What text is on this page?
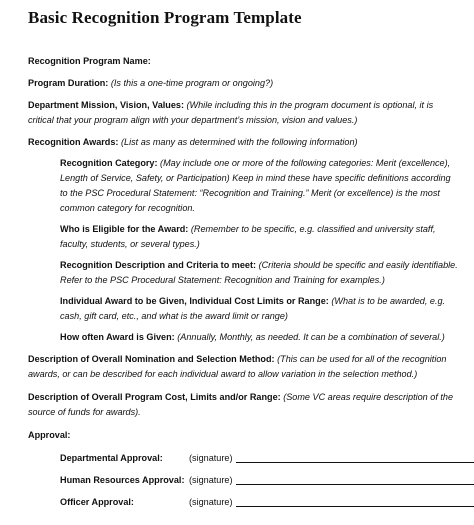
Basic Recognition Program Template
Recognition Program Name:
Program Duration: (Is this a one-time program or ongoing?)
Department Mission, Vision, Values: (While including this in the program document is optional, it is critical that your program align with your department’s mission, vision and values.)
Recognition Awards: (List as many as determined with the following information)
Recognition Category: (May include one or more of the following categories: Merit (excellence), Length of Service, Safety, or Participation) Keep in mind these have specific definitions according to the PSC Procedural Statement: “Recognition and Training.” Merit (or excellence) is the most common category for recognition.
Who is Eligible for the Award: (Remember to be specific, e.g. classified and university staff, faculty, students, or several types.)
Recognition Description and Criteria to meet: (Criteria should be specific and easily identifiable. Refer to the PSC Procedural Statement: Recognition and Training for examples.)
Individual Award to be Given, Individual Cost Limits or Range: (What is to be awarded, e.g. cash, gift card, etc., and what is the award limit or range)
How often Award is Given: (Annually, Monthly, as needed. It can be a combination of several.)
Description of Overall Nomination and Selection Method: (This can be used for all of the recognition awards, or can be described for each individual award to allow variation in the selection method.)
Description of Overall Program Cost, Limits and/or Range: (Some VC areas require description of the source of funds for awards).
Approval:
Departmental Approval:	(signature)
Human Resources Approval: (signature)
Officer Approval:	(signature)
